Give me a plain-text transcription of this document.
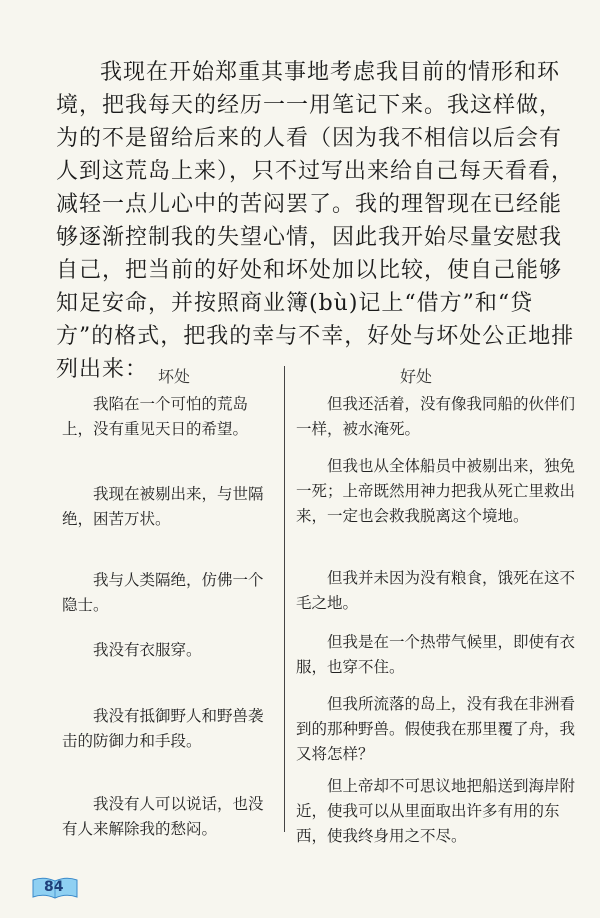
我现在开始郑重其事地考虑我目前的情形和环境，把我每天的经历一一用笔记下来。我这样做，为的不是留给后来的人看（因为我不相信以后会有人到这荒岛上来），只不过写出来给自己每天看看，减轻一点儿心中的苦闷罢了。我的理智现在已经能够逐渐控制我的失望心情，因此我开始尽量安慰我自己，把当前的好处和坏处加以比较，使自己能够知足安命，并按照商业簿(bù)记上“借方”和“贷方”的格式，把我的幸与不幸，好处与坏处公正地排列出来： 坏处	好处

我陷在一个可怕的荒岛上，没有重见天日的希望。

我现在被剔出来，与世隔绝，困苦万状。

我与人类隔绝，仿佛一个隐士。

我没有衣服穿。

我没有抵御野人和野兽袭击的防御力和手段。

我没有人可以说话，也没有人来解除我的愁闷。

但我还活着，没有像我同船的伙伴们一样，被水淹死。

但我也从全体船员中被剔出来，独免一死；上帝既然用神力把我从死亡里救出来，一定也会救我脱离这个境地。

但我并未因为没有粮食，饿死在这不毛之地。

但我是在一个热带气候里，即使有衣服，也穿不住。

但我所流落的岛上，没有我在非洲看到的那种野兽。假使我在那里覆了舟，我又将怎样？

但上帝却不可思议地把船送到海岸附近，使我可以从里面取出许多有用的东西，使我终身用之不尽。

84
